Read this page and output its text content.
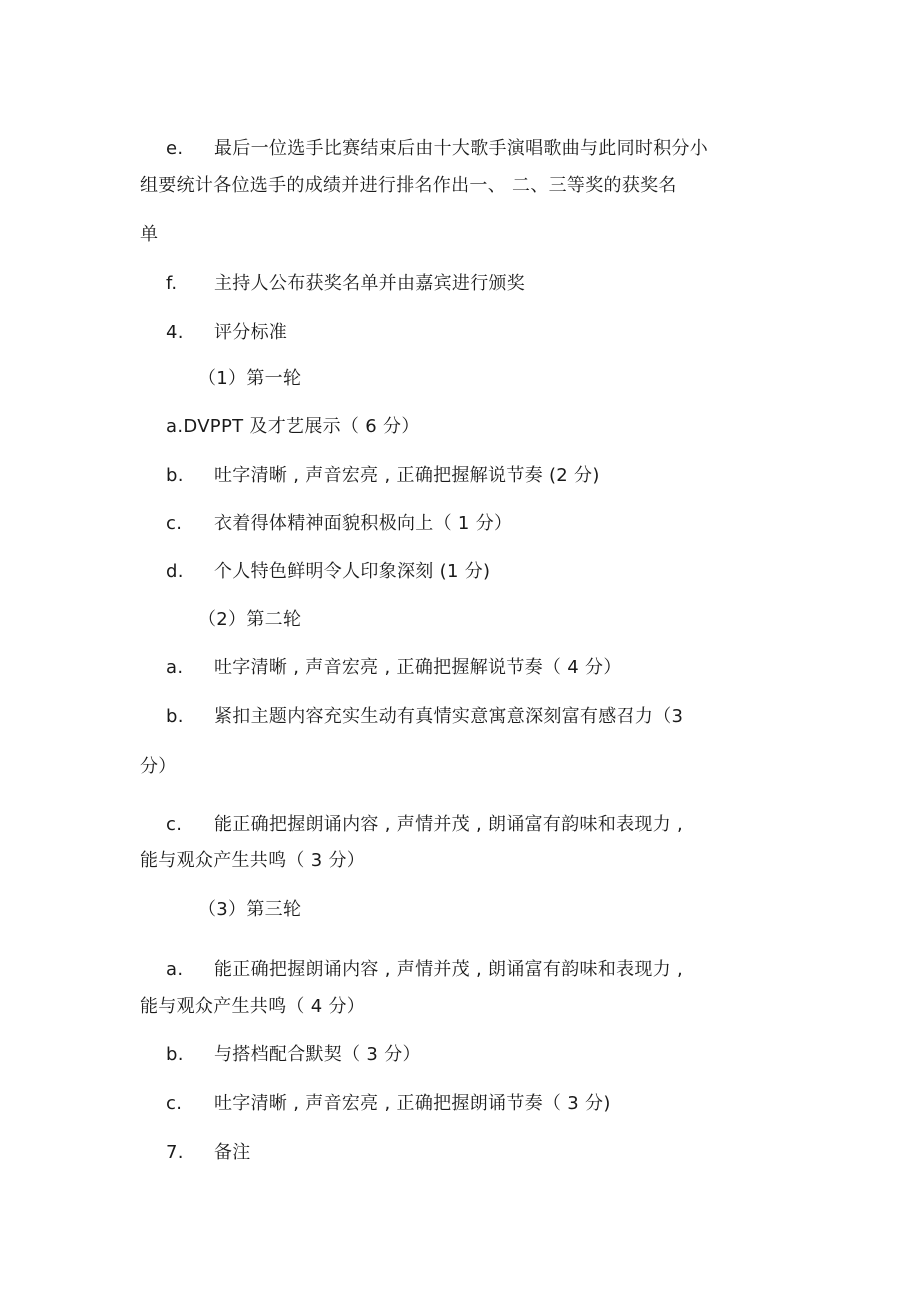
e. 最后一位选手比赛结束后由十大歌手演唱歌曲与此同时积分小
组要统计各位选手的成绩并进行排名作出一、 二、三等奖的获奖名
单
f. 主持人公布获奖名单并由嘉宾进行颁奖
4. 评分标准
（1）第一轮
a.DVPPT 及才艺展示（ 6 分）
b. 吐字清晰 , 声音宏亮 , 正确把握解说节奏 (2 分)
c. 衣着得体精神面貌积极向上（ 1 分）
d. 个人特色鲜明令人印象深刻 (1 分)
（2）第二轮
a. 吐字清晰 , 声音宏亮 , 正确把握解说节奏（ 4 分）
b. 紧扣主题内容充实生动有真情实意寓意深刻富有感召力（3
分）
c. 能正确把握朗诵内容 , 声情并茂 , 朗诵富有韵味和表现力 ,
能与观众产生共鸣（ 3 分）
（3）第三轮
a. 能正确把握朗诵内容 , 声情并茂 , 朗诵富有韵味和表现力 ,
能与观众产生共鸣（ 4 分）
b. 与搭档配合默契（ 3 分）
c. 吐字清晰 , 声音宏亮 , 正确把握朗诵节奏（ 3 分)
7. 备注
